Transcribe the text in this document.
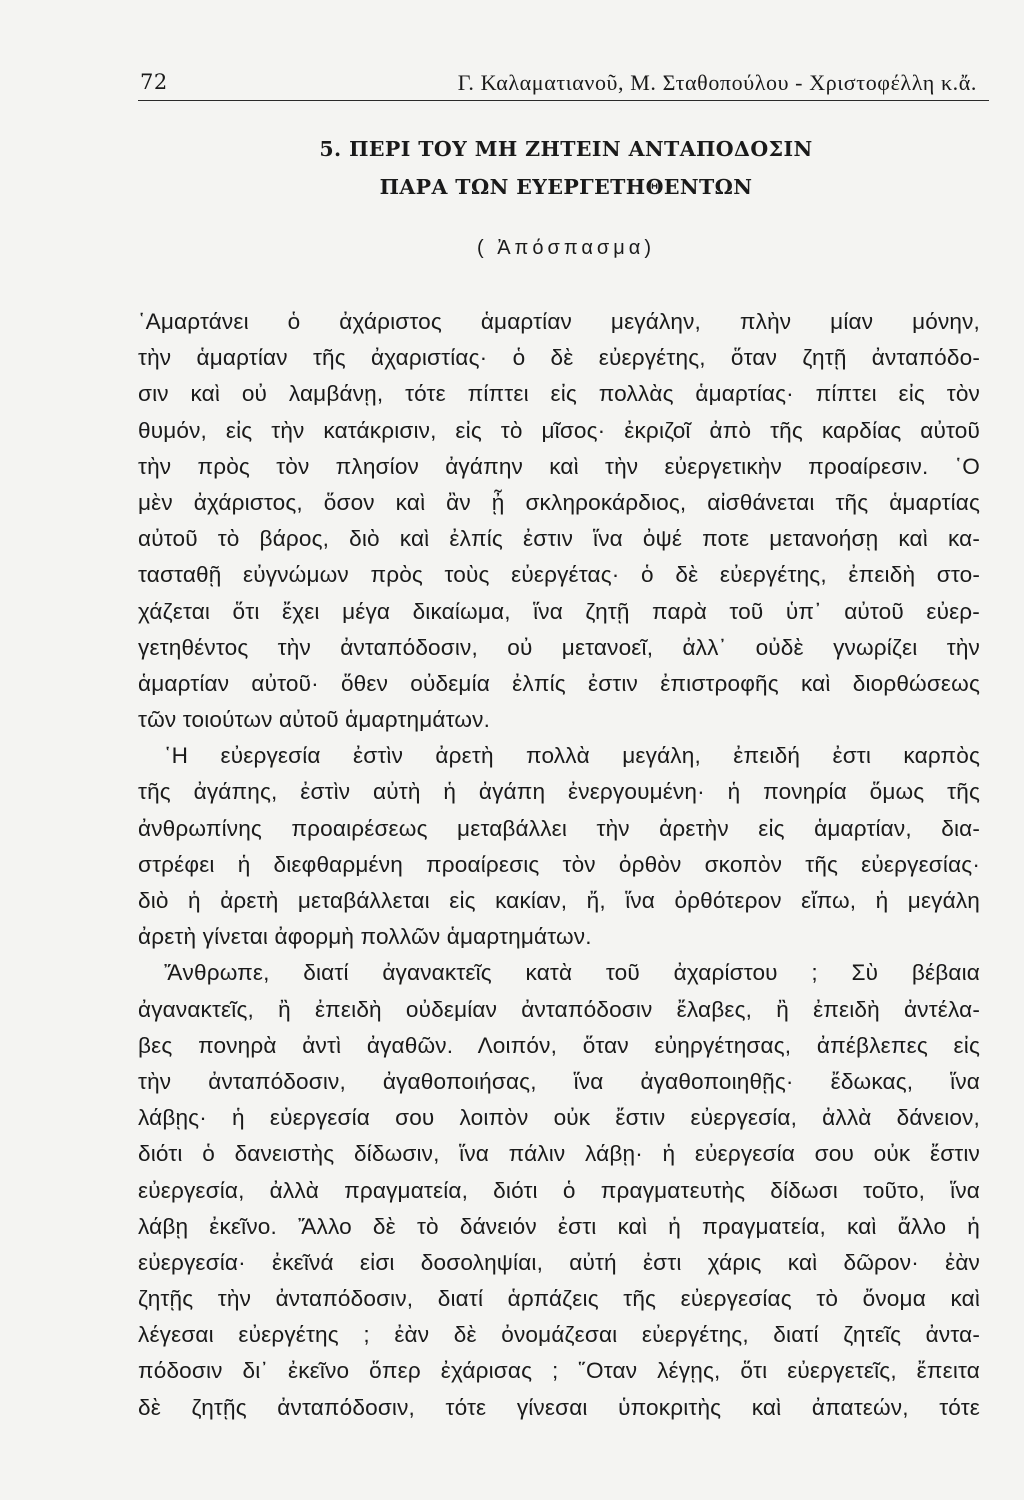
72	Γ. Καλαματιανοῦ, Μ. Σταθοπούλου - Χριστοφέλλη κ.ἄ.
5. ΠΕΡΙ ΤΟΥ ΜΗ ΖΗΤΕΙΝ ΑΝΤΑΠΟΔΟΣΙΝ
ΠΑΡΑ ΤΩΝ ΕΥΕΡΓΕΤΗΘΕΝΤΩΝ
( Ἀπόσπασμα)
῾Αμαρτάνει ὁ ἀχάριστος ἁμαρτίαν μεγάλην, πλὴν μίαν μόνην,
τὴν ἁμαρτίαν τῆς ἀχαριστίας· ὁ δὲ εὐεργέτης, ὅταν ζητῇ ἀνταπόδο-
σιν καὶ οὐ λαμβάνῃ, τότε πίπτει εἰς πολλὰς ἁμαρτίας· πίπτει εἰς τὸν
θυμόν, εἰς τὴν κατάκρισιν, εἰς τὸ μῖσος· ἐκριζοῖ ἀπὸ τῆς καρδίας αὐτοῦ
τὴν πρὸς τὸν πλησίον ἀγάπην καὶ τὴν εὐεργετικὴν προαίρεσιν. ῾Ο
μὲν ἀχάριστος, ὅσον καὶ ἂν ᾖ σκληροκάρδιος, αἰσθάνεται τῆς ἁμαρτίας
αὐτοῦ τὸ βάρος, διὸ καὶ ἐλπίς ἐστιν ἵνα ὀψέ ποτε μετανοήσῃ καὶ κα-
τασταθῇ εὐγνώμων πρὸς τοὺς εὐεργέτας· ὁ δὲ εὐεργέτης, ἐπειδὴ στο-
χάζεται ὅτι ἔχει μέγα δικαίωμα, ἵνα ζητῇ παρὰ τοῦ ὑπ᾽ αὐτοῦ εὐερ-
γετηθέντος τὴν ἀνταπόδοσιν, οὐ μετανοεῖ, ἀλλ᾽ οὐδὲ γνωρίζει τὴν
ἁμαρτίαν αὐτοῦ· ὅθεν οὐδεμία ἐλπίς ἐστιν ἐπιστροφῆς καὶ διορθώσεως
τῶν τοιούτων αὐτοῦ ἁμαρτημάτων.
῾Η εὐεργεσία ἐστὶν ἀρετὴ πολλὰ μεγάλη, ἐπειδή ἐστι καρπὸς
τῆς ἀγάπης, ἐστὶν αὐτὴ ἡ ἀγάπη ἐνεργουμένη· ἡ πονηρία ὅμως τῆς
ἀνθρωπίνης προαιρέσεως μεταβάλλει τὴν ἀρετὴν εἰς ἁμαρτίαν, δια-
στρέφει ἡ διεφθαρμένη προαίρεσις τὸν ὀρθὸν σκοπὸν τῆς εὐεργεσίας·
διὸ ἡ ἀρετὴ μεταβάλλεται εἰς κακίαν, ἤ, ἵνα ὀρθότερον εἴπω, ἡ μεγάλη
ἀρετὴ γίνεται ἀφορμὴ πολλῶν ἁμαρτημάτων.
Ἄνθρωπε, διατί ἀγανακτεῖς κατὰ τοῦ ἀχαρίστου ; Σὺ βέβαια
ἀγανακτεῖς, ἢ ἐπειδὴ οὐδεμίαν ἀνταπόδοσιν ἔλαβες, ἢ ἐπειδὴ ἀντέλα-
βες πονηρὰ ἀντὶ ἀγαθῶν. Λοιπόν, ὅταν εὐηργέτησας, ἀπέβλεπες εἰς
τὴν ἀνταπόδοσιν, ἀγαθοποιήσας, ἵνα ἀγαθοποιηθῇς· ἔδωκας, ἵνα
λάβῃς· ἡ εὐεργεσία σου λοιπὸν οὐκ ἔστιν εὐεργεσία, ἀλλὰ δάνειον,
διότι ὁ δανειστὴς δίδωσιν, ἵνα πάλιν λάβῃ· ἡ εὐεργεσία σου οὐκ ἔστιν
εὐεργεσία, ἀλλὰ πραγματεία, διότι ὁ πραγματευτὴς δίδωσι τοῦτο, ἵνα
λάβῃ ἐκεῖνο. Ἄλλο δὲ τὸ δάνειόν ἐστι καὶ ἡ πραγματεία, καὶ ἄλλο ἡ
εὐεργεσία· ἐκεῖνά εἰσι δοσοληψίαι, αὐτή ἐστι χάρις καὶ δῶρον· ἐὰν
ζητῇς τὴν ἀνταπόδοσιν, διατί ἁρπάζεις τῆς εὐεργεσίας τὸ ὄνομα καὶ
λέγεσαι εὐεργέτης ; ἐὰν δὲ ὀνομάζεσαι εὐεργέτης, διατί ζητεῖς ἀντα-
πόδοσιν δι᾽ ἐκεῖνο ὅπερ ἐχάρισας ; ῞Οταν λέγῃς, ὅτι εὐεργετεῖς, ἔπειτα
δὲ ζητῇς ἀνταπόδοσιν, τότε γίνεσαι ὑποκριτὴς καὶ ἀπατεών, τότε
